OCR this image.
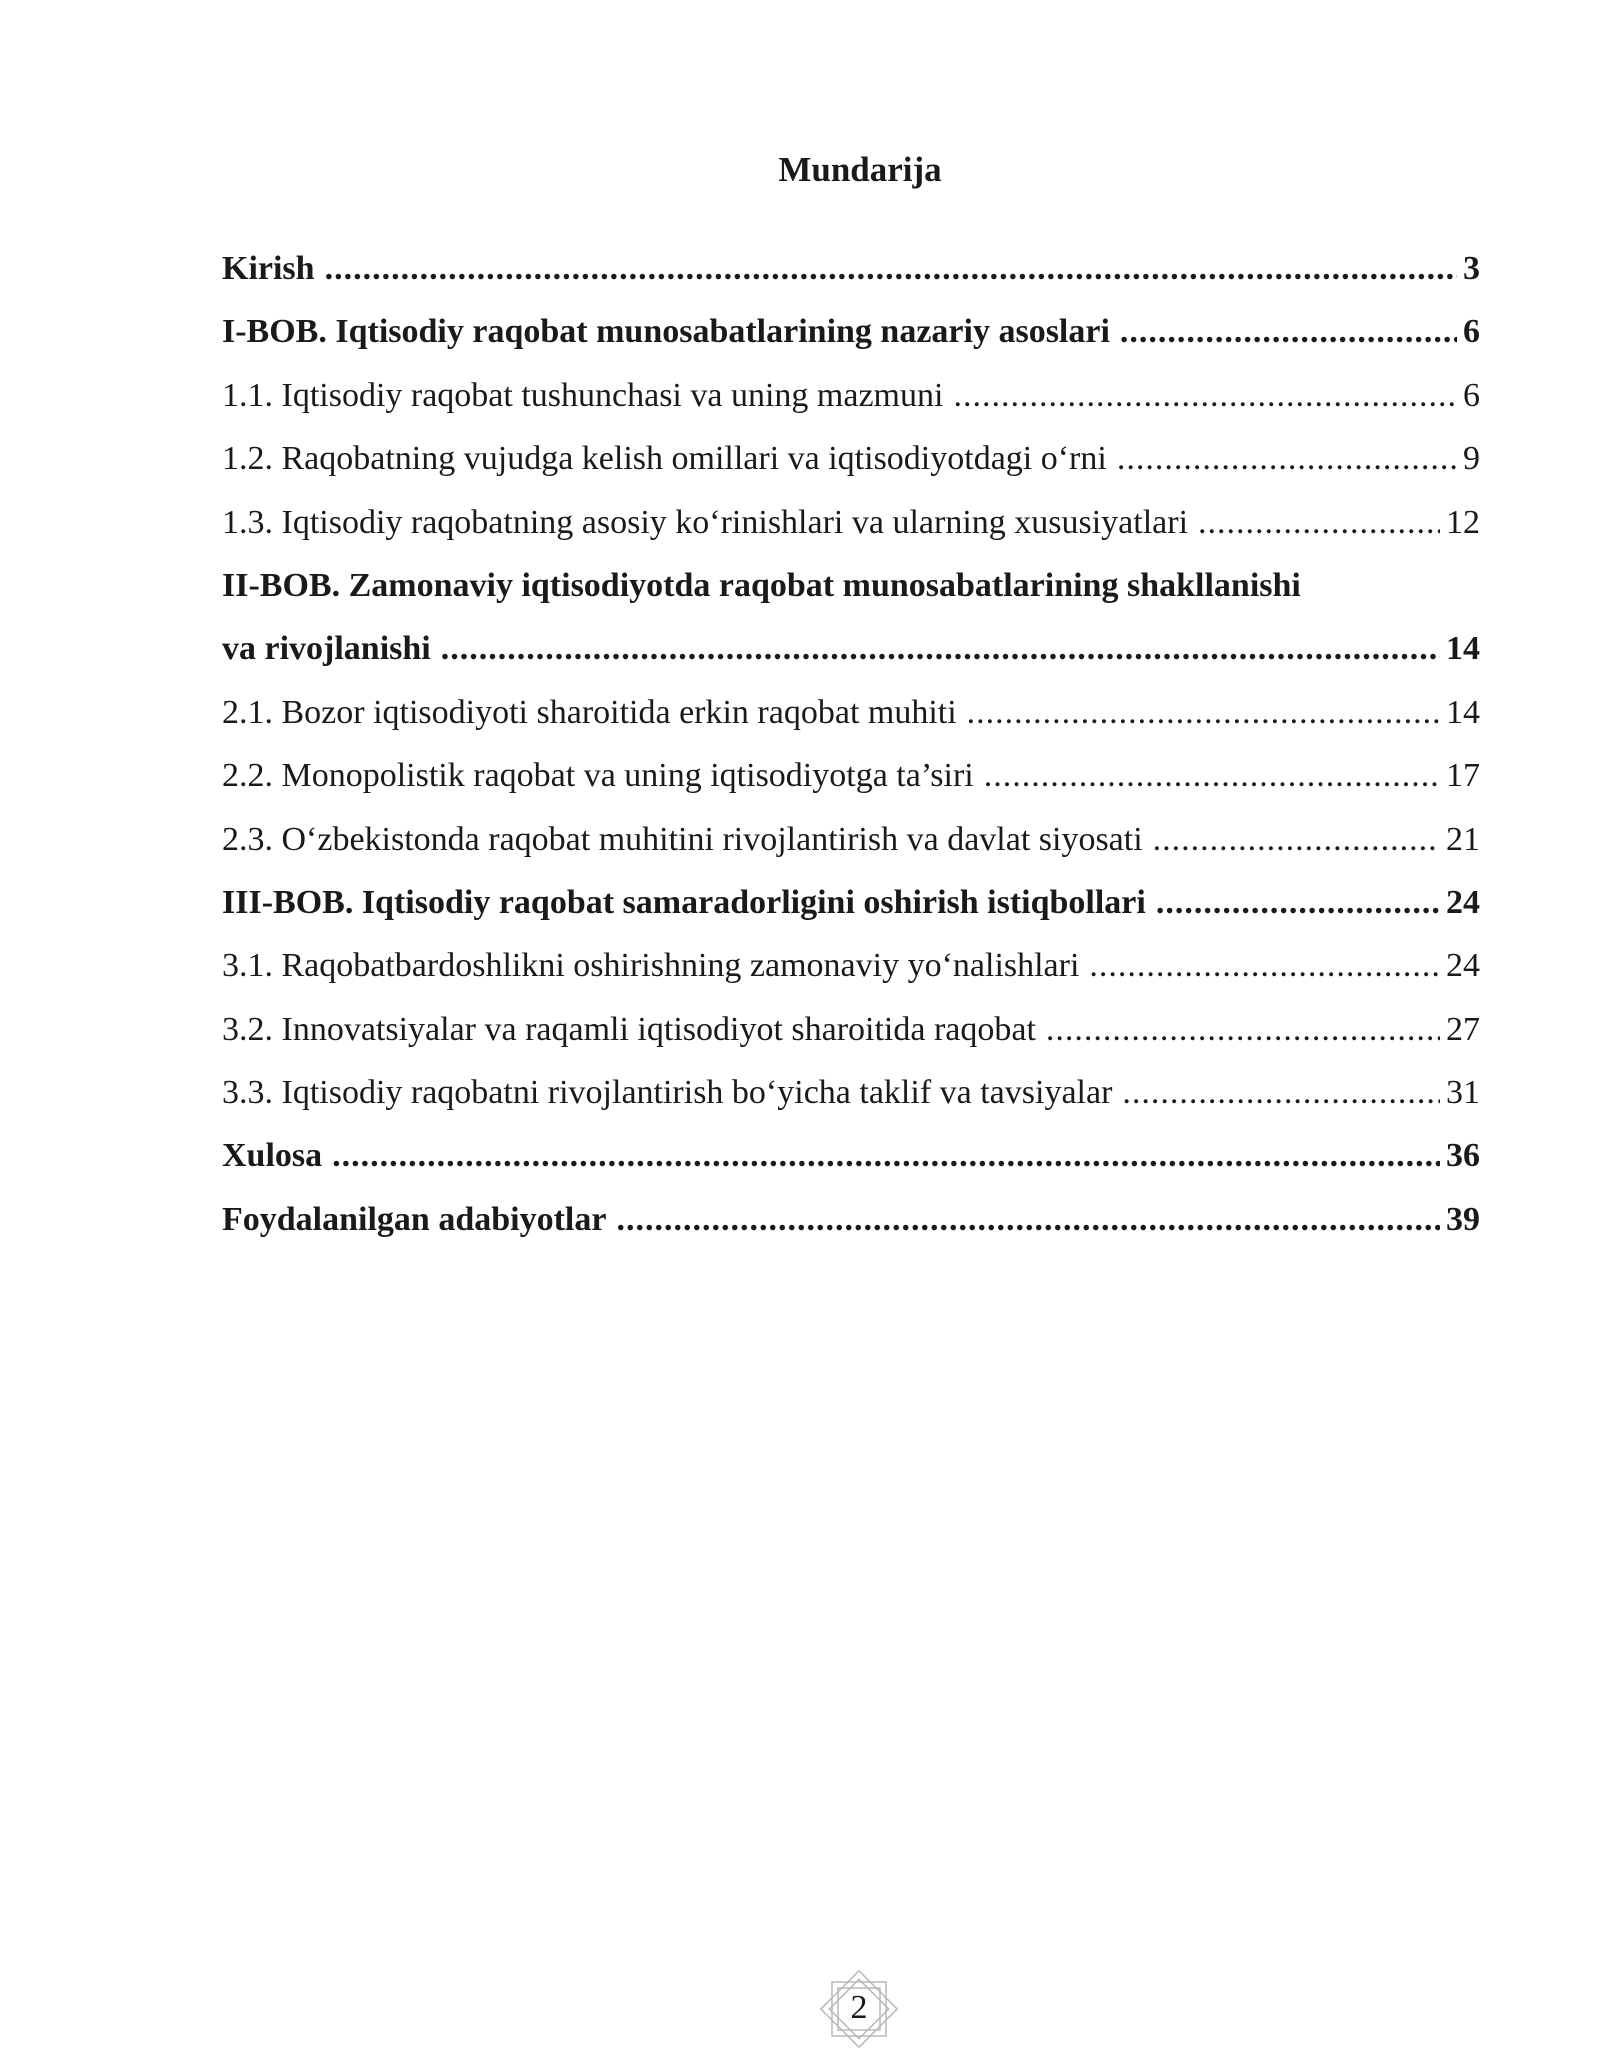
Mundarija
Kirish .....	3
I-BOB. Iqtisodiy raqobat munosabatlarining nazariy asoslari .....	6
1.1. Iqtisodiy raqobat tushunchasi va uning mazmuni .....	6
1.2. Raqobatning vujudga kelish omillari va iqtisodiyotdagi o‘rni .....	9
1.3. Iqtisodiy raqobatning asosiy ko‘rinishlari va ularning xususiyatlari .....	12
II-BOB. Zamonaviy iqtisodiyotda raqobat munosabatlarining shakllanishi
va rivojlanishi .....	14
2.1. Bozor iqtisodiyoti sharoitida erkin raqobat muhiti .....	14
2.2. Monopolistik raqobat va uning iqtisodiyotga ta’siri .....	17
2.3. O‘zbekistonda raqobat muhitini rivojlantirish va davlat siyosati .....	21
III-BOB. Iqtisodiy raqobat samaradorligini oshirish istiqbollari .....	24
3.1. Raqobatbardoshlikni oshirishning zamonaviy yo‘nalishlari .....	24
3.2. Innovatsiyalar va raqamli iqtisodiyot sharoitida raqobat .....	27
3.3. Iqtisodiy raqobatni rivojlantirish bo‘yicha taklif va tavsiyalar .....	31
Xulosa .....	36
Foydalanilgan adabiyotlar .....	39
2
